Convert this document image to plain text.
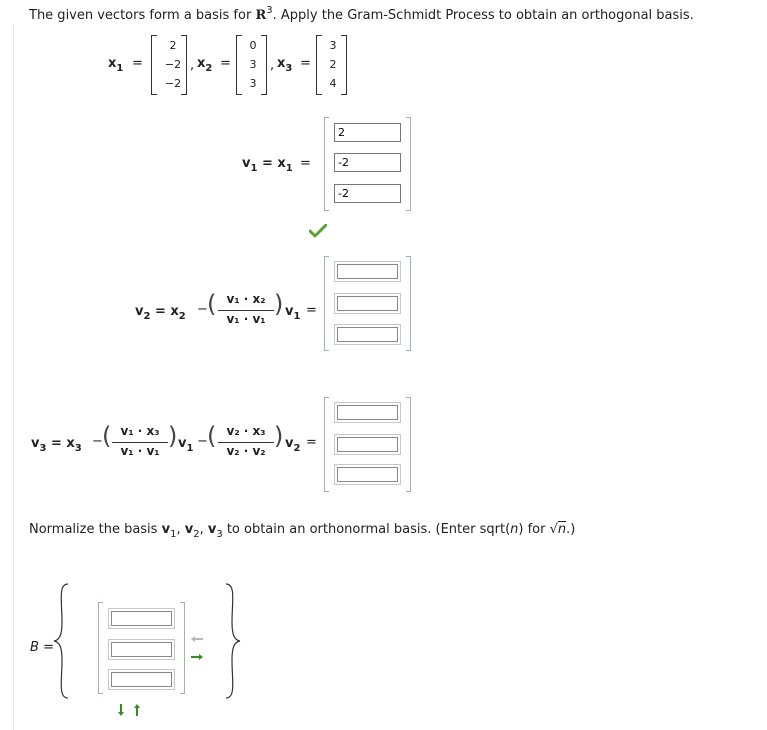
The given vectors form a basis for $R^3$. Apply the Gram-Schmidt Process to obtain an orthogonal basis.
$x_1$ =
2
−2
−2
, $x_2$ =
0
3
3
, $x_3$ =
3
2
4
$v_1 = x_1$ =
2
-2
-2
$v_2 = x_2$ − ( v₁ · x₂
v₁ · v₁
) $v_1$ =
$v_3 = x_3$ − ( v₁ · x₃
v₁ · v₁
) $v_1$ − ( v₂ · x₃
v₂ · v₂
) $v_2$ =
Normalize the basis $v_1$, $v_2$, $v_3$ to obtain an orthonormal basis. (Enter sqrt(n) for √n.)
B =
